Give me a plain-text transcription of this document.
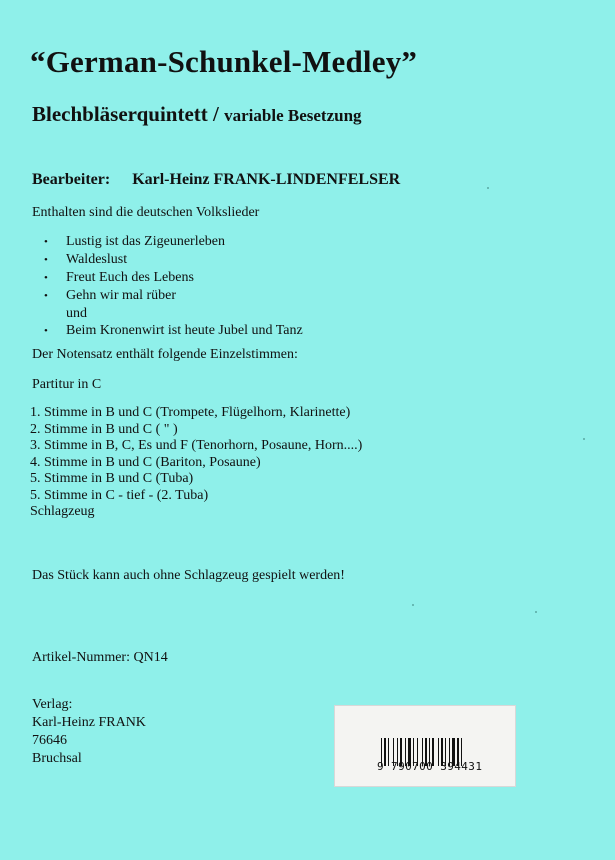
“German-Schunkel-Medley”
Blechbläserquintett / variable Besetzung
Bearbeiter: Karl-Heinz FRANK-LINDENFELSER
Enthalten sind die deutschen Volkslieder
• Lustig ist das Zigeunerleben
• Waldeslust
• Freut Euch des Lebens
• Gehn wir mal rüber
und
• Beim Kronenwirt ist heute Jubel und Tanz
Der Notensatz enthält folgende Einzelstimmen:
Partitur in C
1. Stimme in B und C (Trompete, Flügelhorn, Klarinette)
2. Stimme in B und C ( " )
3. Stimme in B, C, Es und F (Tenorhorn, Posaune, Horn....)
4. Stimme in B und C (Bariton, Posaune)
5. Stimme in B und C (Tuba)
5. Stimme in C - tief - (2. Tuba)
Schlagzeug
Das Stück kann auch ohne Schlagzeug gespielt werden!
Artikel-Nummer: QN14
Verlag:
Karl-Heinz FRANK
76646
Bruchsal
9 790700 394431
